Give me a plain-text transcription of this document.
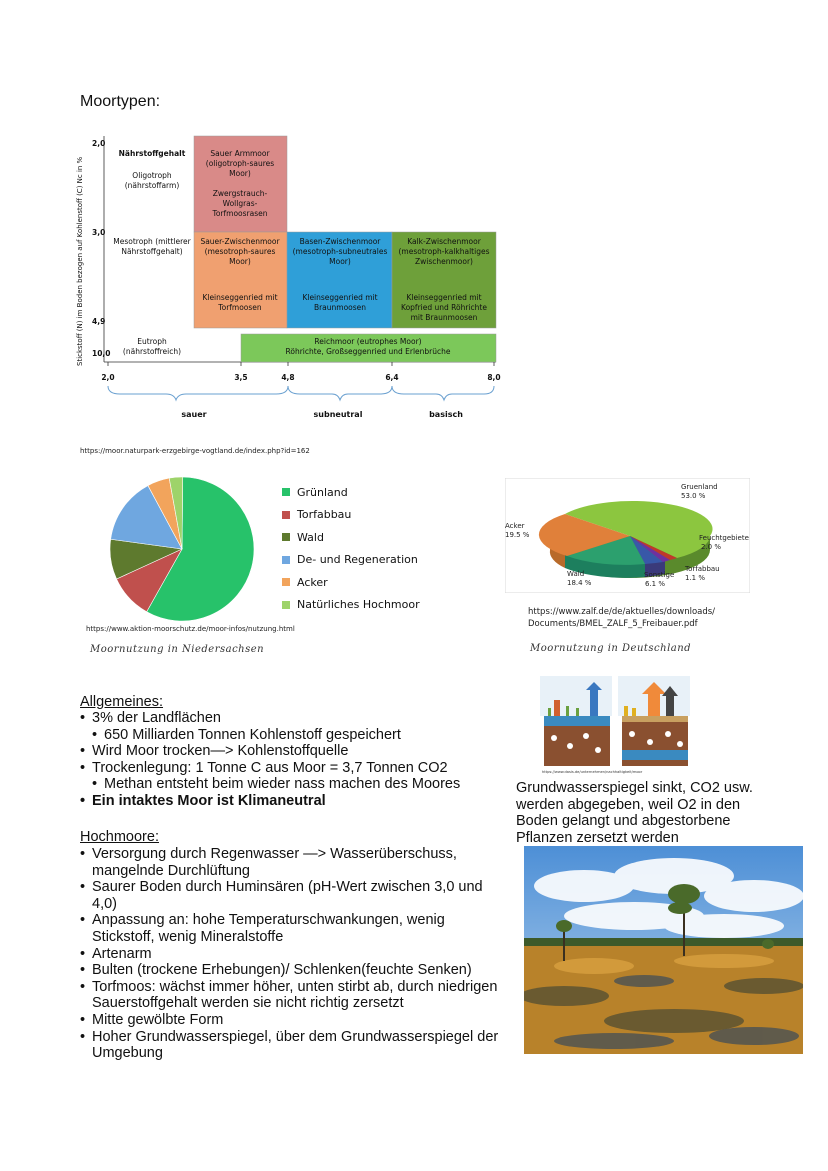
Moortypen:
Stickstoff (N) im Boden bezogen auf Kohlenstoff (C) Nc in %
2,0
3,0
4,9
10,0
Nährstoffgehalt
Oligotroph
(nährstoffarm)
Mesotroph (mittlerer
Nährstoffgehalt)
Eutroph
(nährstoffreich)
Sauer Armmoor
(oligotroph-saures
Moor)
Zwergstrauch-
Wollgras-
Torfmoosrasen
Sauer-Zwischenmoor
(mesotroph-saures
Moor)
Kleinseggenried mit
Torfmoosen
Basen-Zwischenmoor
(mesotroph-subneutrales
Moor)
Kleinseggenried mit
Braunmoosen
Kalk-Zwischenmoor
(mesotroph-kalkhaltiges
Zwischenmoor)
Kleinseggenried mit
Kopfried und Röhrichte
mit Braunmoosen
Reichmoor (eutrophes Moor)
Röhrichte, Großseggenried und Erlenbrüche
2,0	3,5	4,8	6,4	8,0
sauer	subneutral	basisch
https://moor.naturpark-erzgebirge-vogtland.de/index.php?id=162
Grünland
Torfabbau
Wald
De- und Regeneration
Acker
Natürliches Hochmoor
https://www.aktion-moorschutz.de/moor-infos/nutzung.html
Moornutzung in Niedersachsen
Gruenland
53.0 %
Acker
19.5 %	Feuchtgebiete
2.0 %
Torfabbau
1.1 %
Sonstige
6.1 %
Wald
18.4 %
https://www.zalf.de/de/aktuelles/downloads/
Documents/BMEL_ZALF_5_Freibauer.pdf
Moornutzung in Deutschland
https://www.dasis.de/unternehmen/nachhaltigkeit/moor
Grundwasserspiegel sinkt, CO2 usw.
werden abgegeben, weil O2 in den
Boden gelangt und abgestorbene
Pflanzen zersetzt werden
Allgemeines:
• 3% der Landflächen
• 650 Milliarden Tonnen Kohlenstoff gespeichert
• Wird Moor trocken—> Kohlenstoffquelle
• Trockenlegung: 1 Tonne C aus Moor = 3,7 Tonnen CO2
• Methan entsteht beim wieder nass machen des Moores
• Ein intaktes Moor ist Klimaneutral
Hochmoore:
• Versorgung durch Regenwasser —> Wasserüberschuss, mangelnde Durchlüftung
• Saurer Boden durch Huminsären (pH-Wert zwischen 3,0 und 4,0)
• Anpassung an: hohe Temperaturschwankungen, wenig Stickstoff, wenig Mineralstoffe
• Artenarm
• Bulten (trockene Erhebungen)/ Schlenken(feuchte Senken)
• Torfmoos: wächst immer höher, unten stirbt ab, durch niedrigen Sauerstoffgehalt werden sie nicht richtig zersetzt
• Mitte gewölbte Form
• Hoher Grundwasserspiegel, über dem Grundwasserspiegel der Umgebung
